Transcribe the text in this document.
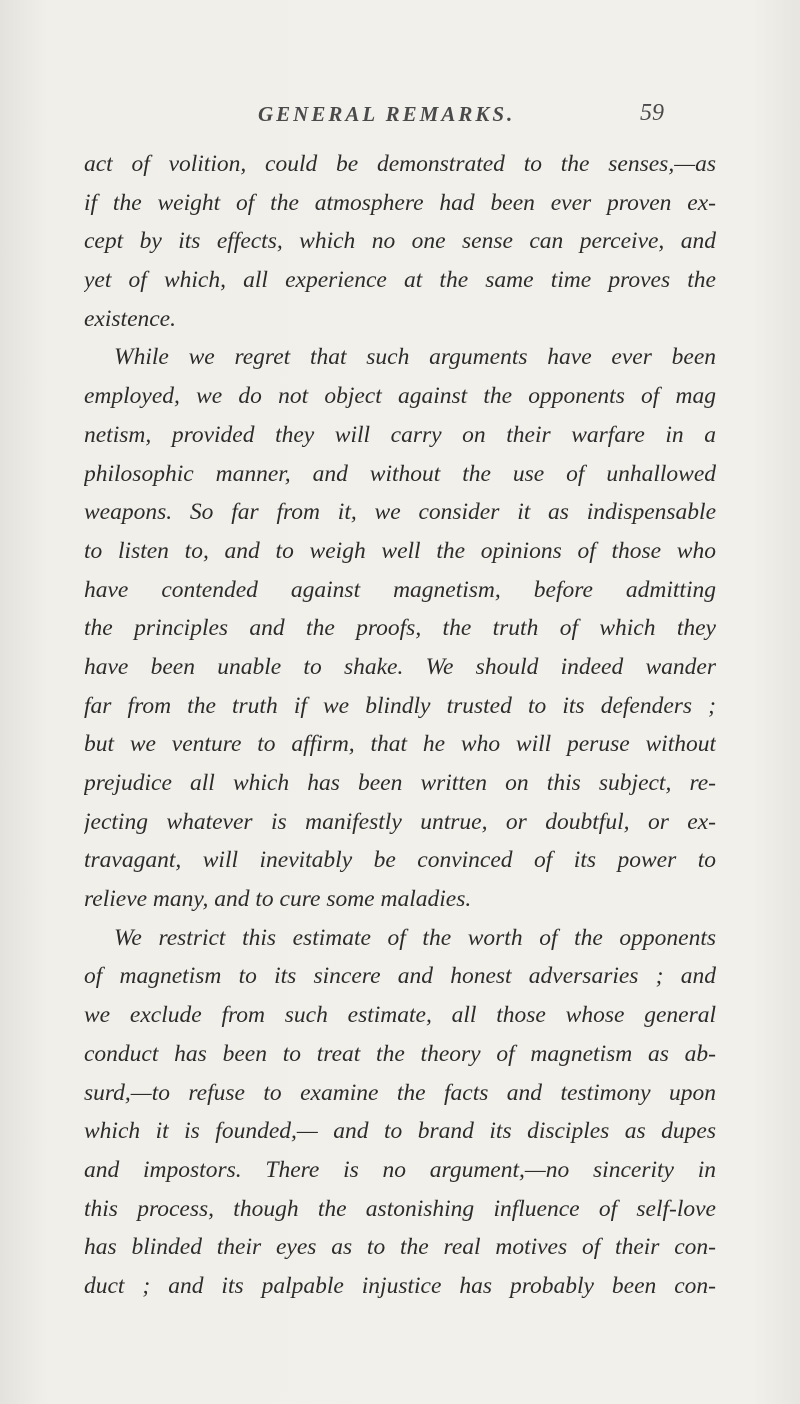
GENERAL REMARKS.	59
act of volition, could be demonstrated to the senses,—as
if the weight of the atmosphere had been ever proven ex-
cept by its effects, which no one sense can perceive, and
yet of which, all experience at the same time proves the
existence.
While we regret that such arguments have ever been
employed, we do not object against the opponents of mag
netism, provided they will carry on their warfare in a
philosophic manner, and without the use of unhallowed
weapons. So far from it, we consider it as indispensable
to listen to, and to weigh well the opinions of those who
have contended against magnetism, before admitting
the principles and the proofs, the truth of which they
have been unable to shake. We should indeed wander
far from the truth if we blindly trusted to its defenders ;
but we venture to affirm, that he who will peruse without
prejudice all which has been written on this subject, re-
jecting whatever is manifestly untrue, or doubtful, or ex-
travagant, will inevitably be convinced of its power to
relieve many, and to cure some maladies.
We restrict this estimate of the worth of the opponents
of magnetism to its sincere and honest adversaries ; and
we exclude from such estimate, all those whose general
conduct has been to treat the theory of magnetism as ab-
surd,—to refuse to examine the facts and testimony upon
which it is founded,— and to brand its disciples as dupes
and impostors. There is no argument,—no sincerity in
this process, though the astonishing influence of self-love
has blinded their eyes as to the real motives of their con-
duct ; and its palpable injustice has probably been con-
